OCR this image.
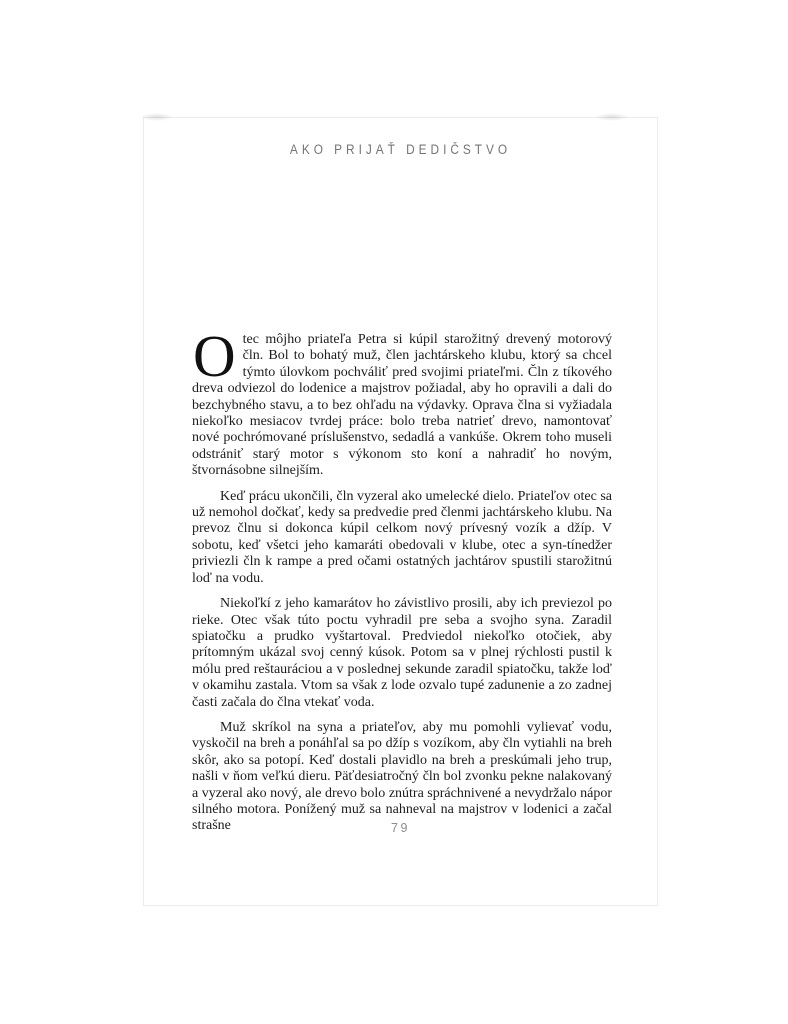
AKO PRIJAŤ DEDIČSTVO

Otec môjho priateľa Petra si kúpil starožitný drevený motorový čln. Bol to bohatý muž, člen jachtárskeho klubu, ktorý sa chcel týmto úlovkom pochváliť pred svojimi priateľmi. Čln z tíkového dreva odviezol do lodenice a majstrov požiadal, aby ho opravili a dali do bezchybného stavu, a to bez ohľadu na výdavky. Oprava člna si vyžiadala niekoľko mesiacov tvrdej práce: bolo treba natrieť drevo, namontovať nové pochrómované príslušenstvo, sedadlá a vankúše. Okrem toho museli odstrániť starý motor s výkonom sto koní a nahradiť ho novým, štvornásobne silnejším.

Keď prácu ukončili, čln vyzeral ako umelecké dielo. Priateľov otec sa už nemohol dočkať, kedy sa predvedie pred členmi jachtárskeho klubu. Na prevoz člnu si dokonca kúpil celkom nový prívesný vozík a džíp. V sobotu, keď všetci jeho kamaráti obedovali v klube, otec a syn-tínedžer priviezli čln k rampe a pred očami ostatných jachtárov spustili starožitnú loď na vodu.

Niekoľkí z jeho kamarátov ho závistlivo prosili, aby ich previezol po rieke. Otec však túto poctu vyhradil pre seba a svojho syna. Zaradil spiatočku a prudko vyštartoval. Predviedol niekoľko otočiek, aby prítomným ukázal svoj cenný kúsok. Potom sa v plnej rýchlosti pustil k mólu pred reštauráciou a v poslednej sekunde zaradil spiatočku, takže loď v okamihu zastala. Vtom sa však z lode ozvalo tupé zadunenie a zo zadnej časti začala do člna vtekať voda.

Muž skríkol na syna a priateľov, aby mu pomohli vylievať vodu, vyskočil na breh a ponáhľal sa po džíp s vozíkom, aby čln vytiahli na breh skôr, ako sa potopí. Keď dostali plavidlo na breh a preskúmali jeho trup, našli v ňom veľkú dieru. Päťdesiatročný čln bol zvonku pekne nalakovaný a vyzeral ako nový, ale drevo bolo znútra spráchnivené a nevydržalo nápor silného motora. Ponížený muž sa nahneval na majstrov v lodenici a začal strašne	79
